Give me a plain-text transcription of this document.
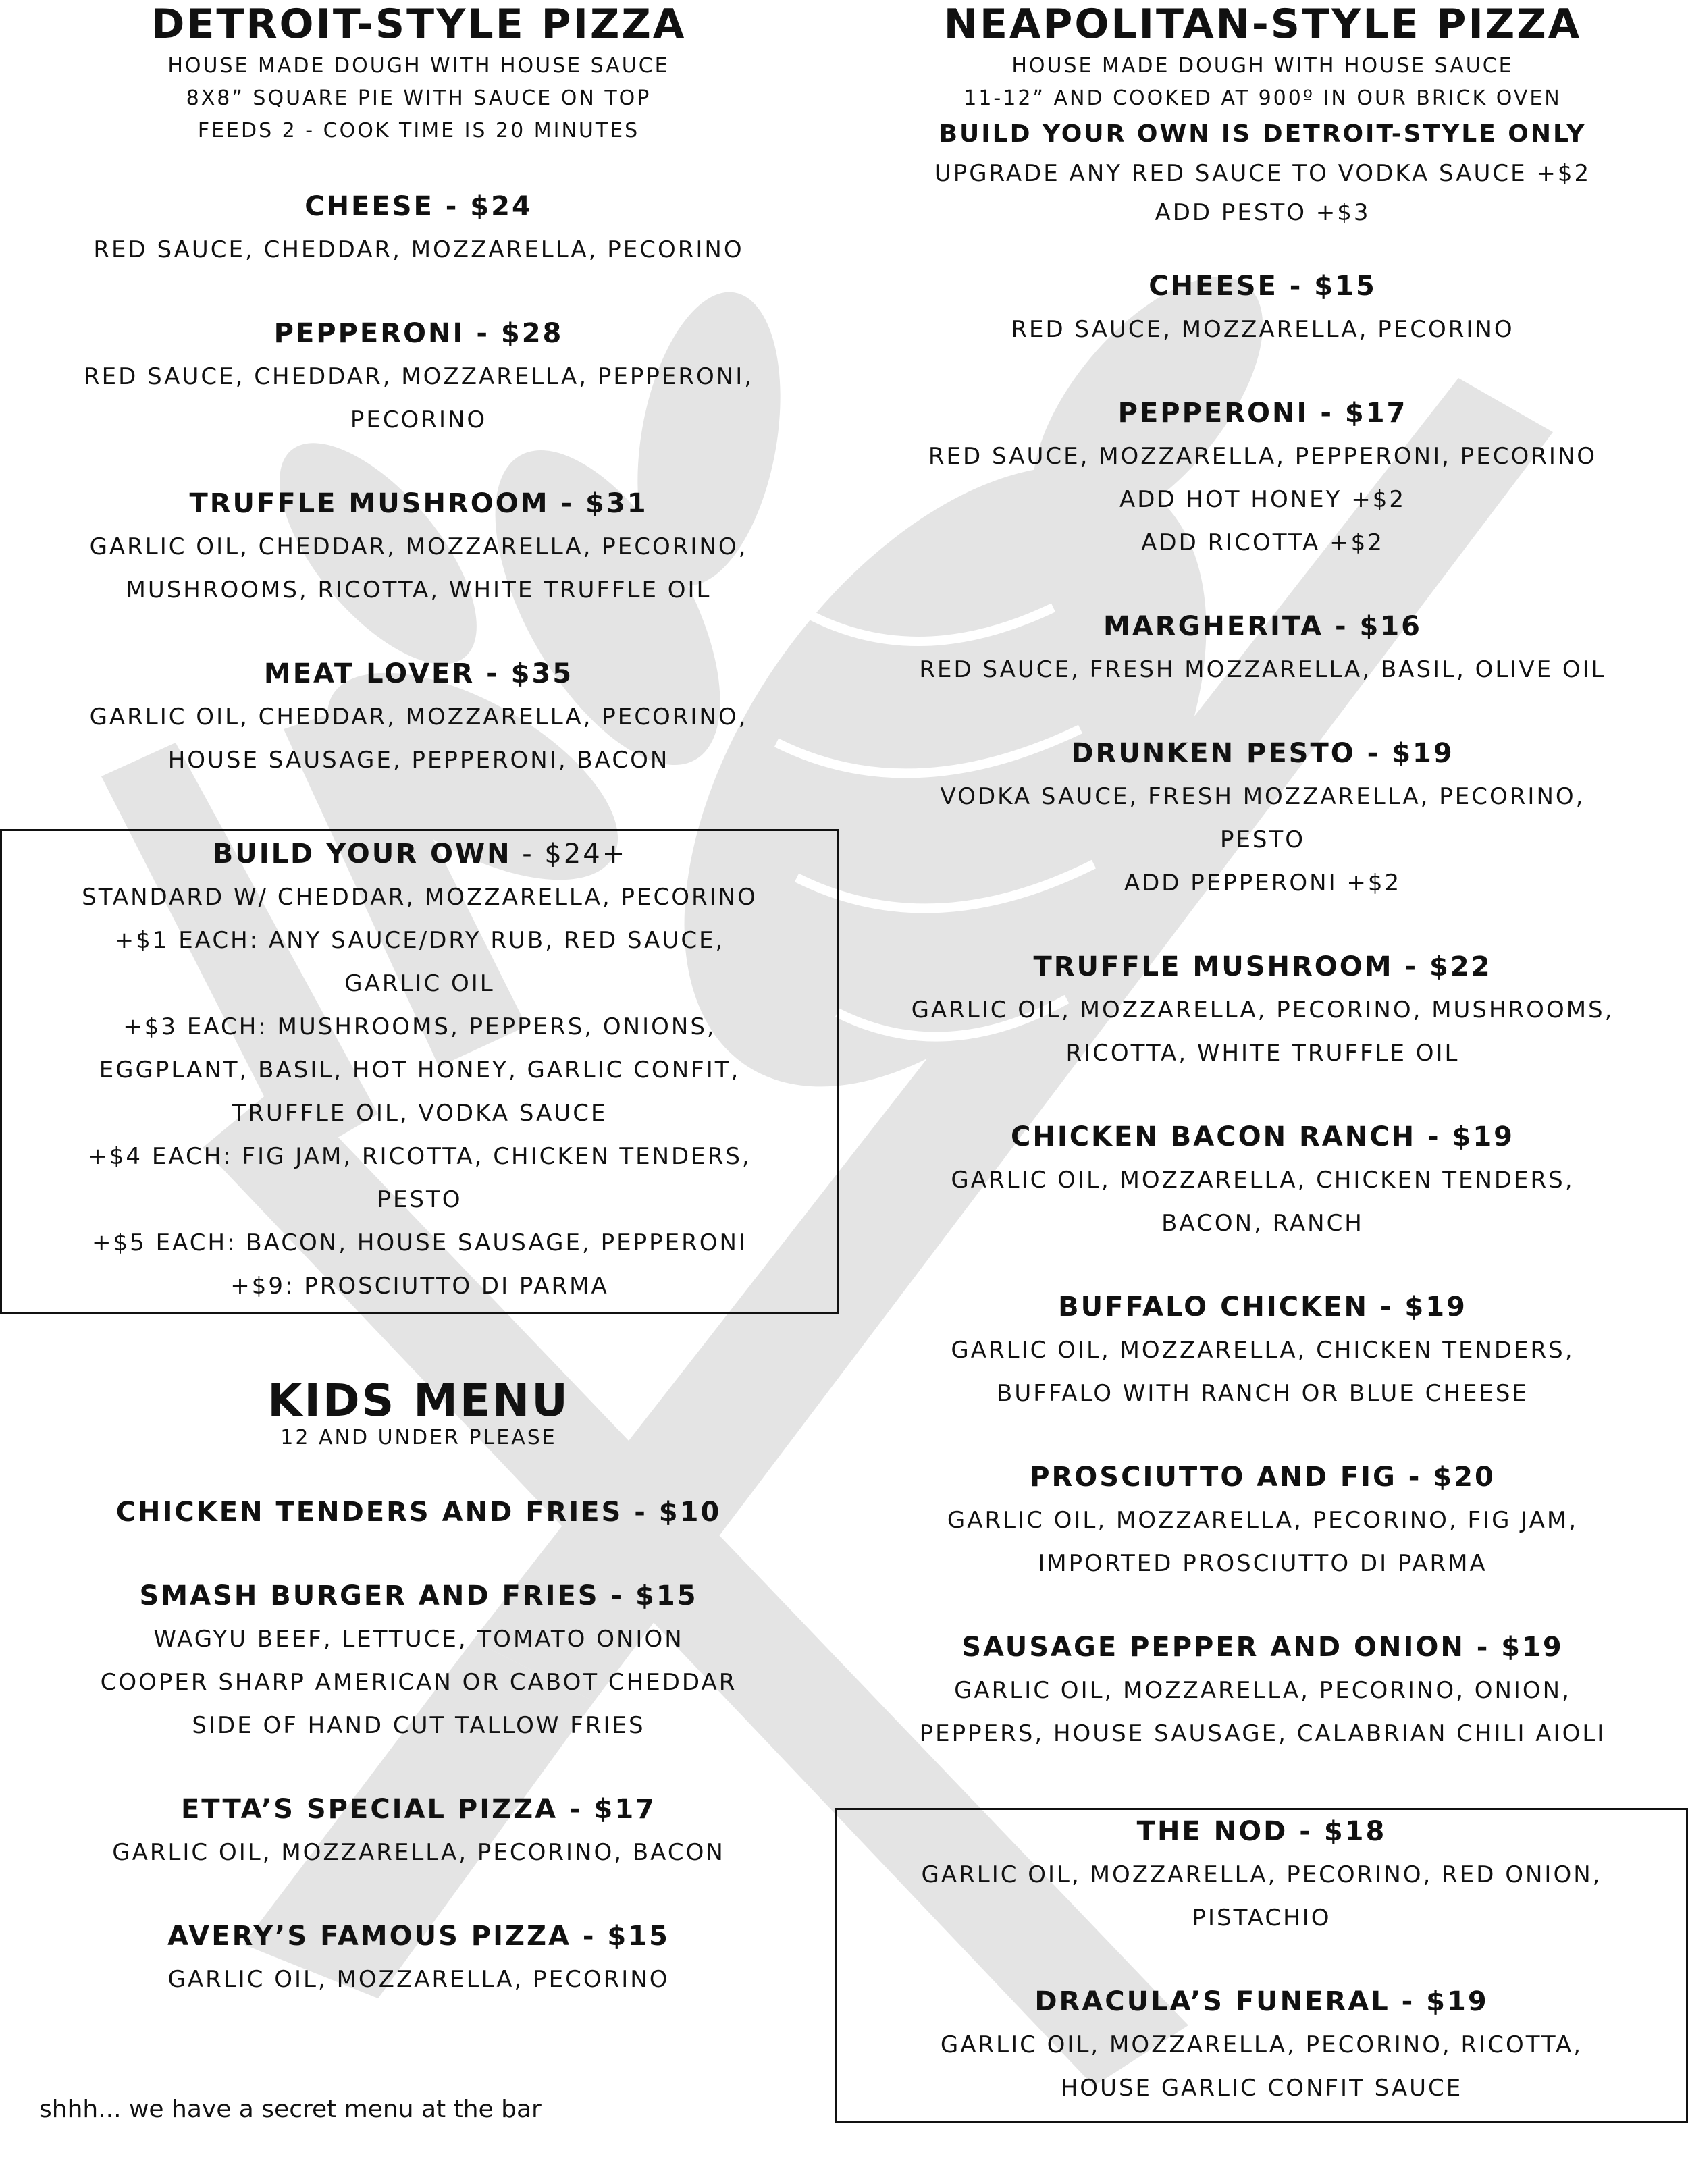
DETROIT-STYLE PIZZA
HOUSE MADE DOUGH WITH HOUSE SAUCE
8X8” SQUARE PIE WITH SAUCE ON TOP
FEEDS 2 - COOK TIME IS 20 MINUTES
CHEESE - $24
RED SAUCE, CHEDDAR, MOZZARELLA, PECORINO
PEPPERONI - $28
RED SAUCE, CHEDDAR, MOZZARELLA, PEPPERONI,
PECORINO
TRUFFLE MUSHROOM - $31
GARLIC OIL, CHEDDAR, MOZZARELLA, PECORINO,
MUSHROOMS, RICOTTA, WHITE TRUFFLE OIL
MEAT LOVER - $35
GARLIC OIL, CHEDDAR, MOZZARELLA, PECORINO,
HOUSE SAUSAGE, PEPPERONI, BACON
BUILD YOUR OWN - $24+
STANDARD W/ CHEDDAR, MOZZARELLA, PECORINO
+$1 EACH: ANY SAUCE/DRY RUB, RED SAUCE,
GARLIC OIL
+$3 EACH: MUSHROOMS, PEPPERS, ONIONS,
EGGPLANT, BASIL, HOT HONEY, GARLIC CONFIT,
TRUFFLE OIL, VODKA SAUCE
+$4 EACH: FIG JAM, RICOTTA, CHICKEN TENDERS,
PESTO
+$5 EACH: BACON, HOUSE SAUSAGE, PEPPERONI
+$9: PROSCIUTTO DI PARMA
KIDS MENU
12 AND UNDER PLEASE
CHICKEN TENDERS AND FRIES - $10
SMASH BURGER AND FRIES - $15
WAGYU BEEF, LETTUCE, TOMATO ONION
COOPER SHARP AMERICAN OR CABOT CHEDDAR
SIDE OF HAND CUT TALLOW FRIES
ETTA’S SPECIAL PIZZA - $17
GARLIC OIL, MOZZARELLA, PECORINO, BACON
AVERY’S FAMOUS PIZZA - $15
GARLIC OIL, MOZZARELLA, PECORINO
shhh... we have a secret menu at the bar
NEAPOLITAN-STYLE PIZZA
HOUSE MADE DOUGH WITH HOUSE SAUCE
11-12” AND COOKED AT 900º IN OUR BRICK OVEN
BUILD YOUR OWN IS DETROIT-STYLE ONLY
UPGRADE ANY RED SAUCE TO VODKA SAUCE +$2
ADD PESTO +$3
CHEESE - $15
RED SAUCE, MOZZARELLA, PECORINO
PEPPERONI - $17
RED SAUCE, MOZZARELLA, PEPPERONI, PECORINO
ADD HOT HONEY +$2
ADD RICOTTA +$2
MARGHERITA - $16
RED SAUCE, FRESH MOZZARELLA, BASIL, OLIVE OIL
DRUNKEN PESTO - $19
VODKA SAUCE, FRESH MOZZARELLA, PECORINO,
PESTO
ADD PEPPERONI +$2
TRUFFLE MUSHROOM - $22
GARLIC OIL, MOZZARELLA, PECORINO, MUSHROOMS,
RICOTTA, WHITE TRUFFLE OIL
CHICKEN BACON RANCH - $19
GARLIC OIL, MOZZARELLA, CHICKEN TENDERS,
BACON, RANCH
BUFFALO CHICKEN - $19
GARLIC OIL, MOZZARELLA, CHICKEN TENDERS,
BUFFALO WITH RANCH OR BLUE CHEESE
PROSCIUTTO AND FIG - $20
GARLIC OIL, MOZZARELLA, PECORINO, FIG JAM,
IMPORTED PROSCIUTTO DI PARMA
SAUSAGE PEPPER AND ONION - $19
GARLIC OIL, MOZZARELLA, PECORINO, ONION,
PEPPERS, HOUSE SAUSAGE, CALABRIAN CHILI AIOLI
THE NOD - $18
GARLIC OIL, MOZZARELLA, PECORINO, RED ONION,
PISTACHIO
DRACULA’S FUNERAL - $19
GARLIC OIL, MOZZARELLA, PECORINO, RICOTTA,
HOUSE GARLIC CONFIT SAUCE
